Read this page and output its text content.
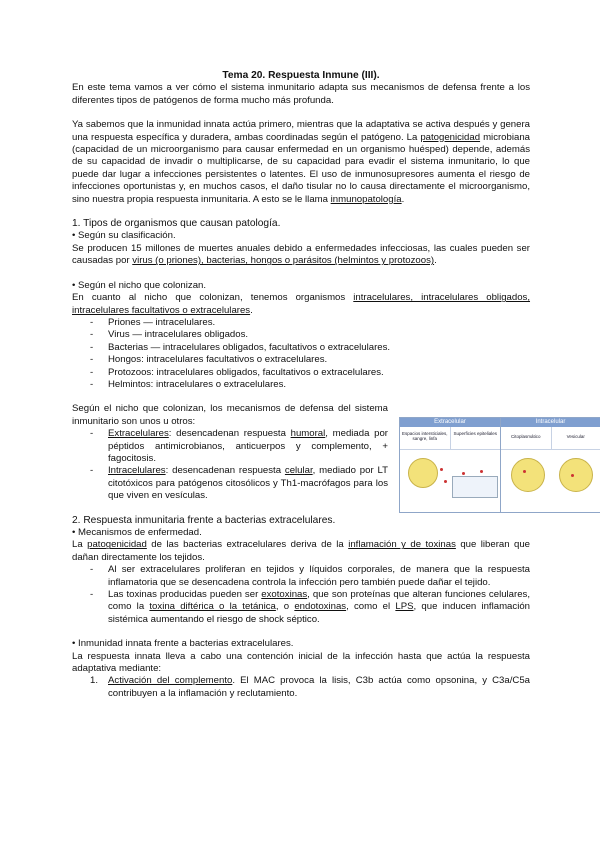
Tema 20. Respuesta Inmune (III).

En este tema vamos a ver cómo el sistema inmunitario adapta sus mecanismos de defensa frente a los diferentes tipos de patógenos de forma mucho más profunda.

Ya sabemos que la inmunidad innata actúa primero, mientras que la adaptativa se activa después y genera una respuesta específica y duradera, ambas coordinadas según el patógeno. La patogenicidad microbiana (capacidad de un microorganismo para causar enfermedad en un organismo huésped) depende, además de su capacidad de invadir o multiplicarse, de su capacidad para evadir el sistema inmunitario, lo que puede dar lugar a infecciones persistentes o latentes. El uso de inmunosupresores aumenta el riesgo de infecciones oportunistas y, en muchos casos, el daño tisular no lo causa directamente el microorganismo, sino nuestra propia respuesta inmunitaria. A esto se le llama inmunopatología.

1. Tipos de organismos que causan patología.

• Según su clasificación.

Se producen 15 millones de muertes anuales debido a enfermedades infecciosas, las cuales pueden ser causadas por virus (o priones), bacterias, hongos o parásitos (helmintos y protozoos).

• Según el nicho que colonizan.

En cuanto al nicho que colonizan, tenemos organismos intracelulares, intracelulares obligados, intracelulares facultativos o extracelulares.

- Priones — intracelulares.
- Virus — intracelulares obligados.
- Bacterias — intracelulares obligados, facultativos o extracelulares.
- Hongos: intracelulares facultativos o extracelulares.
- Protozoos: intracelulares obligados, facultativos o extracelulares.
- Helmintos: intracelulares o extracelulares.

Según el nicho que colonizan, los mecanismos de defensa del sistema inmunitario son unos u otros:

- Extracelulares: desencadenan respuesta humoral, mediada por péptidos antimicrobianos, anticuerpos y complemento, + fagocitosis.
- Intracelulares: desencadenan respuesta celular, mediado por LT citotóxicos para patógenos citosólicos y Th1-macrófagos para los que viven en vesículas.
Extracelular
Espacios intersticiales, sangre, linfa
Superficies epiteliales
Intracelular
Citoplasmático	Vesicular

2. Respuesta inmunitaria frente a bacterias extracelulares.

• Mecanismos de enfermedad.

La patogenicidad de las bacterias extracelulares deriva de la inflamación y de toxinas que liberan que dañan directamente los tejidos.

- Al ser extracelulares proliferan en tejidos y líquidos corporales, de manera que la respuesta inflamatoria que se desencadena controla la infección pero también puede dañar el tejido.
- Las toxinas producidas pueden ser exotoxinas, que son proteínas que alteran funciones celulares, como la toxina diftérica o la tetánica, o endotoxinas, como el LPS, que inducen inflamación sistémica aumentando el riesgo de shock séptico.

• Inmunidad innata frente a bacterias extracelulares.

La respuesta innata lleva a cabo una contención inicial de la infección hasta que actúa la respuesta adaptativa mediante:

1. Activación del complemento. El MAC provoca la lisis, C3b actúa como opsonina, y C3a/C5a contribuyen a la inflamación y reclutamiento.
